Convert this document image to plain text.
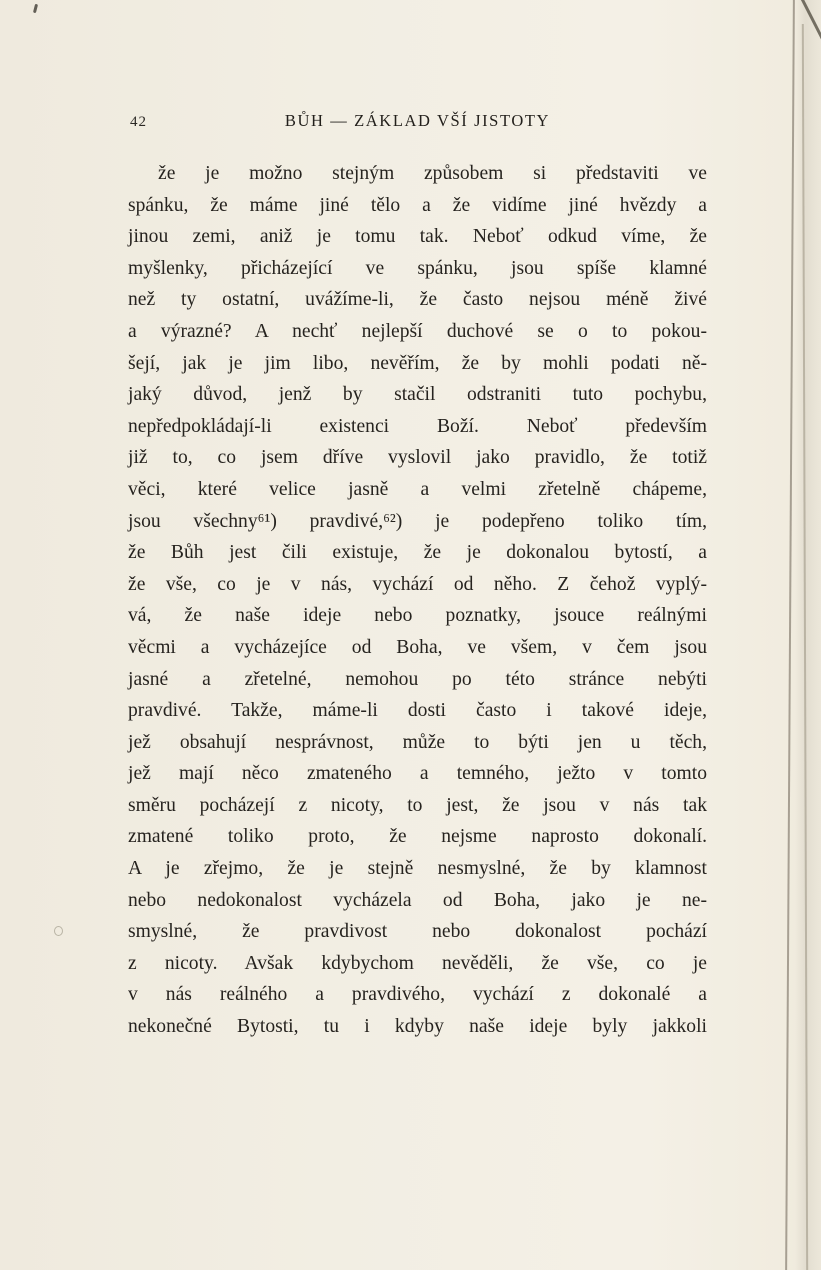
42	BŮH — ZÁKLAD VŠÍ JISTOTY
že je možno stejným způsobem si představiti ve
spánku, že máme jiné tělo a že vidíme jiné hvězdy a
jinou zemi, aniž je tomu tak. Neboť odkud víme, že
myšlenky, přicházející ve spánku, jsou spíše klamné
než ty ostatní, uvážíme-li, že často nejsou méně živé
a výrazné? A nechť nejlepší duchové se o to pokou-
šejí, jak je jim libo, nevěřím, že by mohli podati ně-
jaký důvod, jenž by stačil odstraniti tuto pochybu,
nepředpokládají-li existenci Boží. Neboť především
již to, co jsem dříve vyslovil jako pravidlo, že totiž
věci, které velice jasně a velmi zřetelně chápeme,
jsou všechny⁶¹) pravdivé,⁶²) je podepřeno toliko tím,
že Bůh jest čili existuje, že je dokonalou bytostí, a
že vše, co je v nás, vychází od něho. Z čehož vyplý-
vá, že naše ideje nebo poznatky, jsouce reálnými
věcmi a vycházejíce od Boha, ve všem, v čem jsou
jasné a zřetelné, nemohou po této stránce nebýti
pravdivé. Takže, máme-li dosti často i takové ideje,
jež obsahují nesprávnost, může to býti jen u těch,
jež mají něco zmateného a temného, ježto v tomto
směru pocházejí z nicoty, to jest, že jsou v nás tak
zmatené toliko proto, že nejsme naprosto dokonalí.
A je zřejmo, že je stejně nesmyslné, že by klamnost
nebo nedokonalost vycházela od Boha, jako je ne-
smyslné, že pravdivost nebo dokonalost pochází
z nicoty. Avšak kdybychom nevěděli, že vše, co je
v nás reálného a pravdivého, vychází z dokonalé a
nekonečné Bytosti, tu i kdyby naše ideje byly jakkoli
